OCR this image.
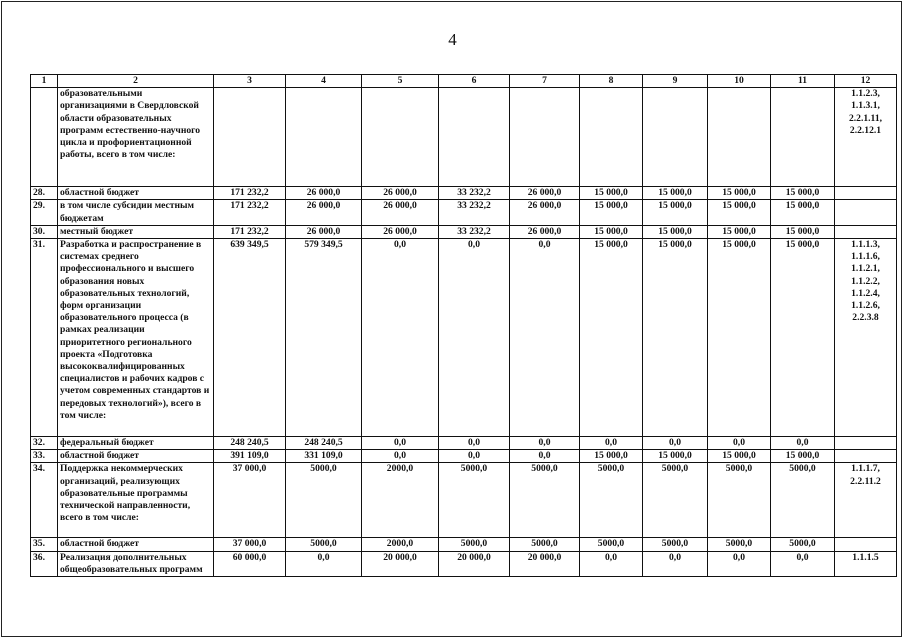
4
1	2	3	4	5	6	7	8	9	10	11	12
	образовательными организациями в Свердловской области образовательных программ естественно-научного цикла и профориентационной работы, всего в том числе:										1.1.2.3, 1.1.3.1, 2.2.1.11, 2.2.12.1
28.	областной бюджет	171 232,2	26 000,0	26 000,0	33 232,2	26 000,0	15 000,0	15 000,0	15 000,0	15 000,0	
29.	в том числе субсидии местным бюджетам	171 232,2	26 000,0	26 000,0	33 232,2	26 000,0	15 000,0	15 000,0	15 000,0	15 000,0	
30.	местный бюджет	171 232,2	26 000,0	26 000,0	33 232,2	26 000,0	15 000,0	15 000,0	15 000,0	15 000,0	
31.	Разработка и распространение в системах среднего профессионального и высшего образования новых образовательных технологий, форм организации образовательного процесса (в рамках реализации приоритетного регионального проекта «Подготовка высококвалифицированных специалистов и рабочих кадров с учетом современных стандартов и передовых технологий»), всего в том числе:	639 349,5	579 349,5	0,0	0,0	0,0	15 000,0	15 000,0	15 000,0	15 000,0	1.1.1.3, 1.1.1.6, 1.1.2.1, 1.1.2.2, 1.1.2.4, 1.1.2.6, 2.2.3.8
32.	федеральный бюджет	248 240,5	248 240,5	0,0	0,0	0,0	0,0	0,0	0,0	0,0	
33.	областной бюджет	391 109,0	331 109,0	0,0	0,0	0,0	15 000,0	15 000,0	15 000,0	15 000,0	
34.	Поддержка некоммерческих организаций, реализующих образовательные программы технической направленности, всего в том числе:	37 000,0	5000,0	2000,0	5000,0	5000,0	5000,0	5000,0	5000,0	5000,0	1.1.1.7, 2.2.11.2
35.	областной бюджет	37 000,0	5000,0	2000,0	5000,0	5000,0	5000,0	5000,0	5000,0	5000,0	
36.	Реализация дополнительных общеобразовательных программ	60 000,0	0,0	20 000,0	20 000,0	20 000,0	0,0	0,0	0,0	0,0	1.1.1.5
